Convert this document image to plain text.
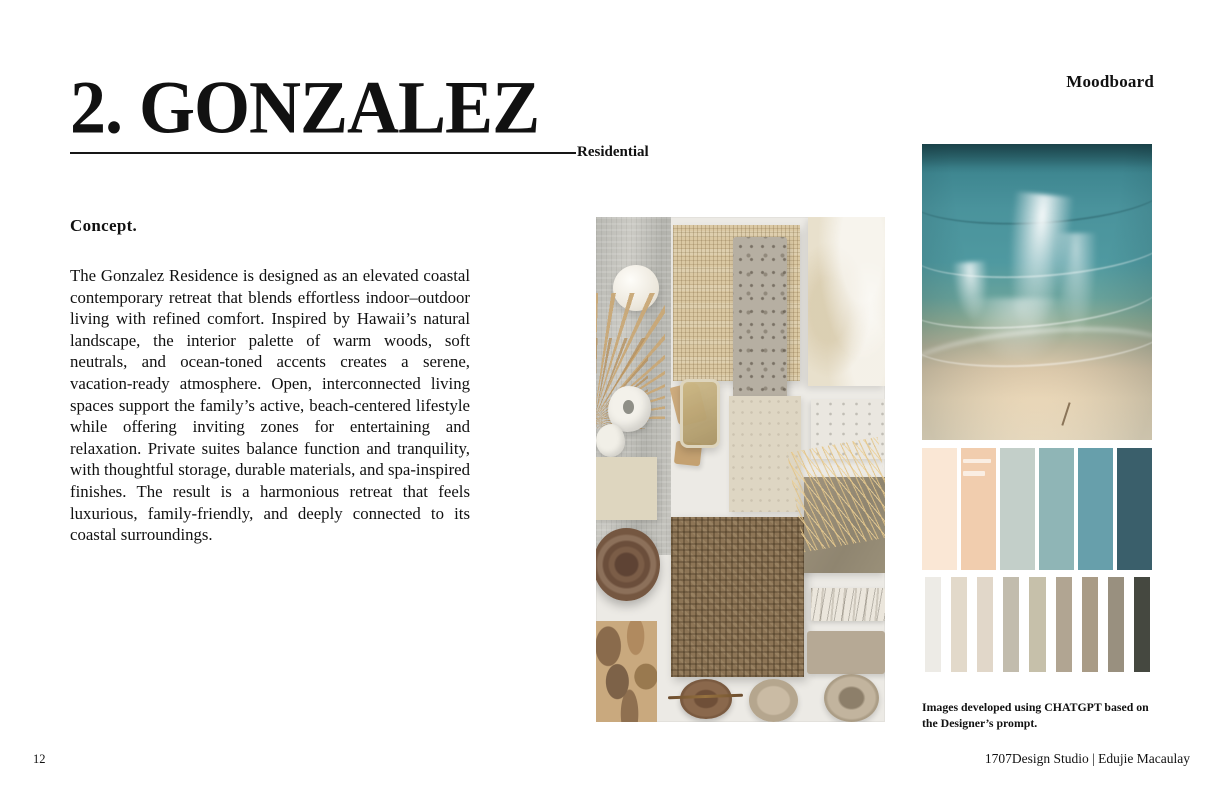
Moodboard
2. GONZALEZ
Residential
Concept.

The Gonzalez Residence is designed as an elevated coastal contemporary retreat that blends effortless indoor–outdoor living with refined comfort. Inspired by Hawaii’s natural landscape, the interior palette of warm woods, soft neutrals, and ocean-toned accents creates a serene, vacation-ready atmosphere. Open, interconnected living spaces support the family’s active, beach-centered lifestyle while offering inviting zones for entertaining and relaxation. Private suites balance function and tranquility, with thoughtful storage, durable materials, and spa-inspired finishes. The result is a harmonious retreat that feels luxurious, family-friendly, and deeply connected to its coastal surroundings.

Images developed using CHATGPT based on the Designer’s prompt.
12	1707Design Studio | Edujie Macaulay
